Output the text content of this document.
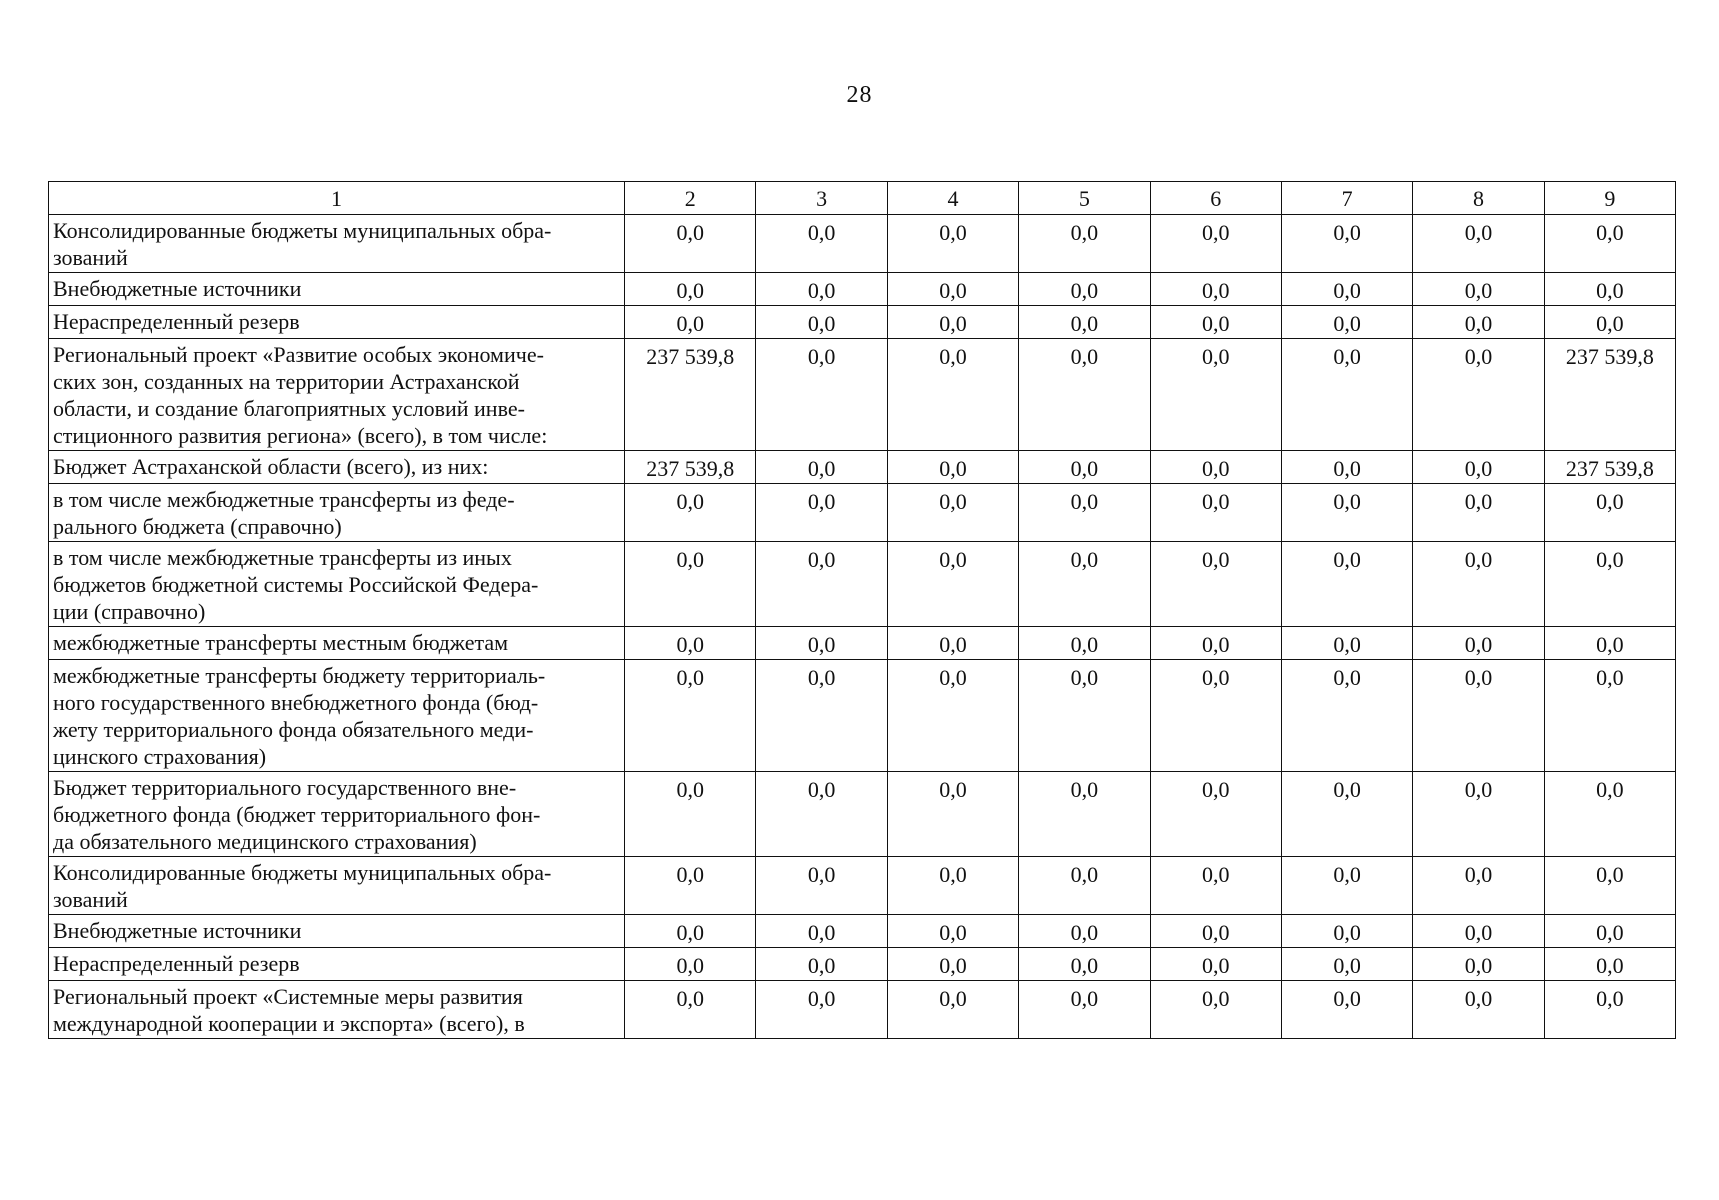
28
1	2	3	4	5	6	7	8	9
Консолидированные бюджеты муниципальных обра-
зований	0,0	0,0	0,0	0,0	0,0	0,0	0,0	0,0
Внебюджетные источники	0,0	0,0	0,0	0,0	0,0	0,0	0,0	0,0
Нераспределенный резерв	0,0	0,0	0,0	0,0	0,0	0,0	0,0	0,0
Региональный проект «Развитие особых экономиче-
ских зон, созданных на территории Астраханской
области, и создание благоприятных условий инве-
стиционного развития региона» (всего), в том числе:	237 539,8	0,0	0,0	0,0	0,0	0,0	0,0	237 539,8
Бюджет Астраханской области (всего), из них:	237 539,8	0,0	0,0	0,0	0,0	0,0	0,0	237 539,8
в том числе межбюджетные трансферты из феде-
рального бюджета (справочно)	0,0	0,0	0,0	0,0	0,0	0,0	0,0	0,0
в том числе межбюджетные трансферты из иных
бюджетов бюджетной системы Российской Федера-
ции (справочно)	0,0	0,0	0,0	0,0	0,0	0,0	0,0	0,0
межбюджетные трансферты местным бюджетам	0,0	0,0	0,0	0,0	0,0	0,0	0,0	0,0
межбюджетные трансферты бюджету территориаль-
ного государственного внебюджетного фонда (бюд-
жету территориального фонда обязательного меди-
цинского страхования)	0,0	0,0	0,0	0,0	0,0	0,0	0,0	0,0
Бюджет территориального государственного вне-
бюджетного фонда (бюджет территориального фон-
да обязательного медицинского страхования)	0,0	0,0	0,0	0,0	0,0	0,0	0,0	0,0
Консолидированные бюджеты муниципальных обра-
зований	0,0	0,0	0,0	0,0	0,0	0,0	0,0	0,0
Внебюджетные источники	0,0	0,0	0,0	0,0	0,0	0,0	0,0	0,0
Нераспределенный резерв	0,0	0,0	0,0	0,0	0,0	0,0	0,0	0,0
Региональный проект «Системные меры развития
международной кооперации и экспорта» (всего), в	0,0	0,0	0,0	0,0	0,0	0,0	0,0	0,0
